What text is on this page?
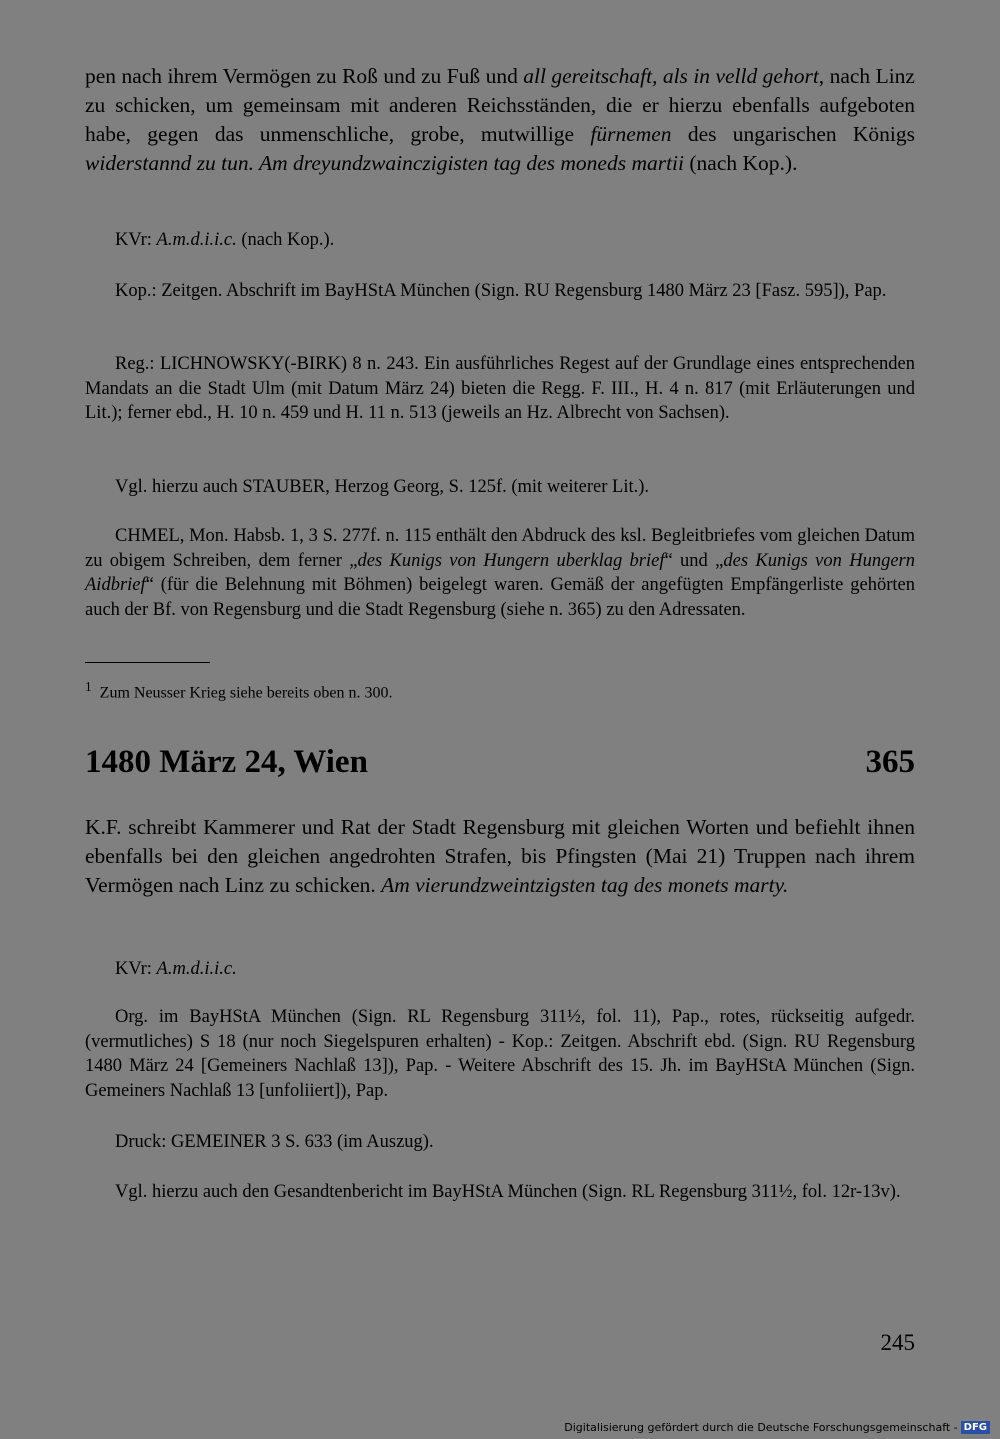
pen nach ihrem Vermögen zu Roß und zu Fuß und all gereitschaft, als in velld gehort, nach Linz zu schicken, um gemeinsam mit anderen Reichsständen, die er hierzu ebenfalls aufgeboten habe, gegen das unmenschliche, grobe, mutwillige fürnemen des ungarischen Königs widerstannd zu tun. Am dreyundzwainczigisten tag des moneds martii (nach Kop.).

KVr: A.m.d.i.i.c. (nach Kop.).

Kop.: Zeitgen. Abschrift im BayHStA München (Sign. RU Regensburg 1480 März 23 [Fasz. 595]), Pap.

Reg.: LICHNOWSKY(-BIRK) 8 n. 243. Ein ausführliches Regest auf der Grundlage eines entsprechenden Mandats an die Stadt Ulm (mit Datum März 24) bieten die Regg. F. III., H. 4 n. 817 (mit Erläuterungen und Lit.); ferner ebd., H. 10 n. 459 und H. 11 n. 513 (jeweils an Hz. Albrecht von Sachsen).

Vgl. hierzu auch STAUBER, Herzog Georg, S. 125f. (mit weiterer Lit.).

CHMEL, Mon. Habsb. 1, 3 S. 277f. n. 115 enthält den Abdruck des ksl. Begleitbriefes vom gleichen Datum zu obigem Schreiben, dem ferner „des Kunigs von Hungern uberklag brief“ und „des Kunigs von Hungern Aidbrief“ (für die Belehnung mit Böhmen) beigelegt waren. Gemäß der angefügten Empfängerliste gehörten auch der Bf. von Regensburg und die Stadt Regensburg (siehe n. 365) zu den Adressaten.

$^1$ Zum Neusser Krieg siehe bereits oben n. 300.
1480 März 24, Wien	365

K.F. schreibt Kammerer und Rat der Stadt Regensburg mit gleichen Worten und befiehlt ihnen ebenfalls bei den gleichen angedrohten Strafen, bis Pfingsten (Mai 21) Truppen nach ihrem Vermögen nach Linz zu schicken. Am vierundzweintzigsten tag des monets marty.

KVr: A.m.d.i.i.c.

Org. im BayHStA München (Sign. RL Regensburg 311½, fol. 11), Pap., rotes, rückseitig aufgedr. (vermutliches) S 18 (nur noch Siegelspuren erhalten) - Kop.: Zeitgen. Abschrift ebd. (Sign. RU Regensburg 1480 März 24 [Gemeiners Nachlaß 13]), Pap. - Weitere Abschrift des 15. Jh. im BayHStA München (Sign. Gemeiners Nachlaß 13 [unfoliiert]), Pap.

Druck: GEMEINER 3 S. 633 (im Auszug).

Vgl. hierzu auch den Gesandtenbericht im BayHStA München (Sign. RL Regensburg 311½, fol. 12r-13v).

245
Digitalisierung gefördert durch die Deutsche Forschungsgemeinschaft - DFG
